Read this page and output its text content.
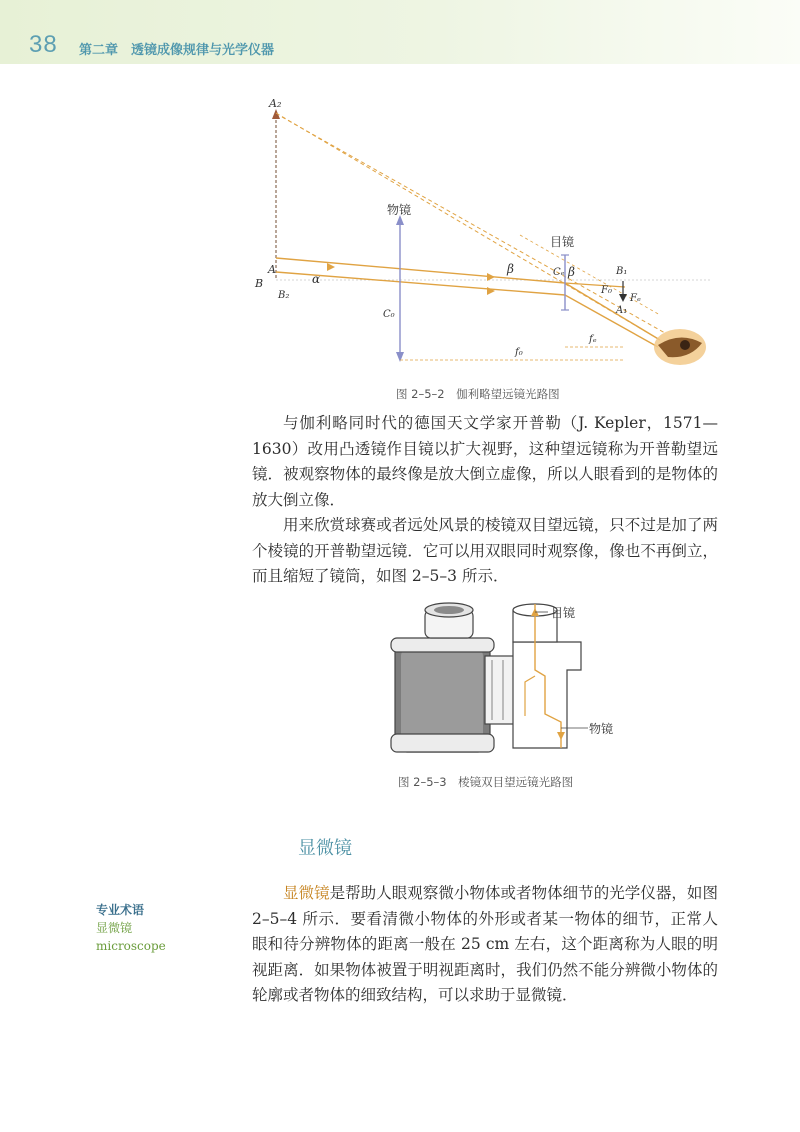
38 第二章　透镜成像规律与光学仪器
A₂
A
B
B₂
α
β	β
物镜
目镜
C₀
Cₑ	B₁
A₁
F₀
Fₑ
fₑ
f₀
图 2–5–2　伽利略望远镜光路图

与伽利略同时代的德国天文学家开普勒（J. Kepler，1571—1630）改用凸透镜作目镜以扩大视野，这种望远镜称为开普勒望远镜．被观察物体的最终像是放大倒立虚像，所以人眼看到的是物体的放大倒立像．

用来欣赏球赛或者远处风景的棱镜双目望远镜，只不过是加了两个棱镜的开普勒望远镜．它可以用双眼同时观察像，像也不再倒立，而且缩短了镜筒，如图 2–5–3 所示．

目镜
物镜
图 2–5–3　棱镜双目望远镜光路图
显微镜
专业术语
显微镜
microscope

显微镜是帮助人眼观察微小物体或者物体细节的光学仪器，如图 2–5–4 所示．要看清微小物体的外形或者某一物体的细节，正常人眼和待分辨物体的距离一般在 25 cm 左右，这个距离称为人眼的明视距离．如果物体被置于明视距离时，我们仍然不能分辨微小物体的轮廓或者物体的细致结构，可以求助于显微镜．
